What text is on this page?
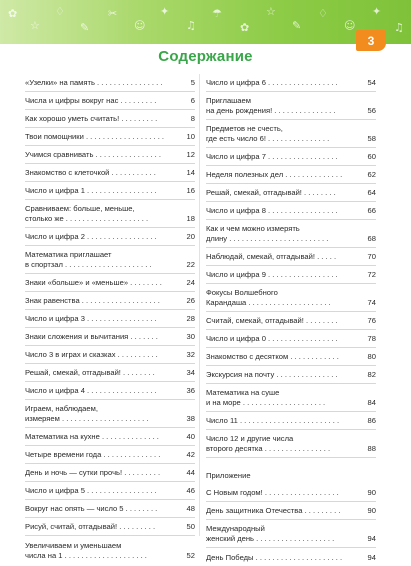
✿
☆
♢
✎
✂
☺
✦
♫
☂
✿
☆
✎
♢
☺
✦
♫
3
Содержание
«Узелки» на память . . . . . . . . . . . . . . . .	5
Числа и цифры вокруг нас . . . . . . . . .	6
Как хорошо уметь считать! . . . . . . . . .	8
Твои помощники . . . . . . . . . . . . . . . . . . .	10
Учимся сравнивать . . . . . . . . . . . . . . . .	12
Знакомство с клеточкой . . . . . . . . . . .	14
Число и цифра 1 . . . . . . . . . . . . . . . . .	16
Сравниваем: больше, меньше,
столько же . . . . . . . . . . . . . . . . . . . .	18
Число и цифра 2 . . . . . . . . . . . . . . . . .	20
Математика приглашает
в спортзал . . . . . . . . . . . . . . . . . . . . .	22
Знаки «больше» и «меньше» . . . . . . . .	24
Знак равенства . . . . . . . . . . . . . . . . . . .	26
Число и цифра 3 . . . . . . . . . . . . . . . . .	28
Знаки сложения и вычитания . . . . . . .	30
Число 3 в играх и сказках . . . . . . . . . .	32
Решай, смекай, отгадывай! . . . . . . . .	34
Число и цифра 4 . . . . . . . . . . . . . . . . .	36
Играем, наблюдаем,
измеряем . . . . . . . . . . . . . . . . . . . . .	38
Математика на кухне . . . . . . . . . . . . . .	40
Четыре времени года . . . . . . . . . . . . . .	42
День и ночь — сутки прочь! . . . . . . . . .	44
Число и цифра 5 . . . . . . . . . . . . . . . . .	46
Вокруг нас опять — число 5 . . . . . . . .	48
Рисуй, считай, отгадывай! . . . . . . . . .	50
Увеличиваем и уменьшаем
числа на 1 . . . . . . . . . . . . . . . . . . . .	52
Число и цифра 6 . . . . . . . . . . . . . . . . .	54
Приглашаем
на день рождения! . . . . . . . . . . . . . . .	56
Предметов не счесть,
где есть число 6! . . . . . . . . . . . . . . .	58
Число и цифра 7 . . . . . . . . . . . . . . . . .	60
Неделя полезных дел . . . . . . . . . . . . . .	62
Решай, смекай, отгадывай! . . . . . . . .	64
Число и цифра 8 . . . . . . . . . . . . . . . . .	66
Как и чем можно измерять
длину . . . . . . . . . . . . . . . . . . . . . . . .	68
Наблюдай, смекай, отгадывай! . . . . .	70
Число и цифра 9 . . . . . . . . . . . . . . . . .	72
Фокусы Волшебного
Карандаша . . . . . . . . . . . . . . . . . . . .	74
Считай, смекай, отгадывай! . . . . . . . .	76
Число и цифра 0 . . . . . . . . . . . . . . . . .	78
Знакомство с десятком . . . . . . . . . . . .	80
Экскурсия на почту . . . . . . . . . . . . . . .	82
Математика на суше
и на море . . . . . . . . . . . . . . . . . . . .	84
Число 11 . . . . . . . . . . . . . . . . . . . . . . . .	86
Число 12 и другие числа
второго десятка . . . . . . . . . . . . . . . .	88
Приложение
С Новым годом! . . . . . . . . . . . . . . . . . .	90
День защитника Отечества . . . . . . . . .	90
Международный
женский день . . . . . . . . . . . . . . . . . . .	94
День Победы . . . . . . . . . . . . . . . . . . . . .	94
